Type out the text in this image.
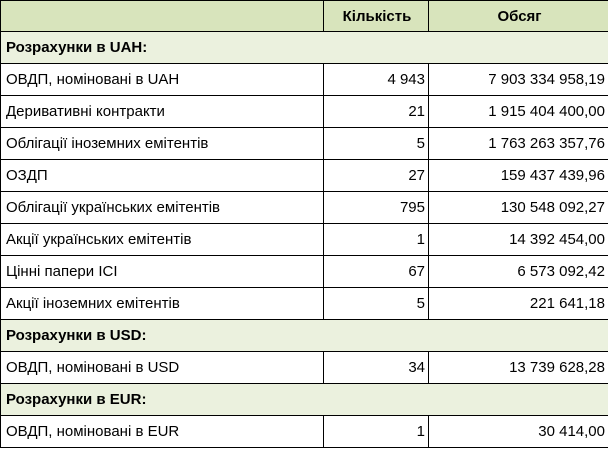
	Кількість	Обсяг
Розрахунки в UAH:		
ОВДП, номіновані в UAH	4 943	7 903 334 958,19
Деривативні контракти	21	1 915 404 400,00
Облігації іноземних емітентів	5	1 763 263 357,76
ОЗДП	27	159 437 439,96
Облігації українських емітентів	795	130 548 092,27
Акції українських емітентів	1	14 392 454,00
Цінні папери ІСІ	67	6 573 092,42
Акції іноземних емітентів	5	221 641,18
Розрахунки в USD:		
ОВДП, номіновані в USD	34	13 739 628,28
Розрахунки в EUR:		
ОВДП, номіновані в EUR	1	30 414,00
